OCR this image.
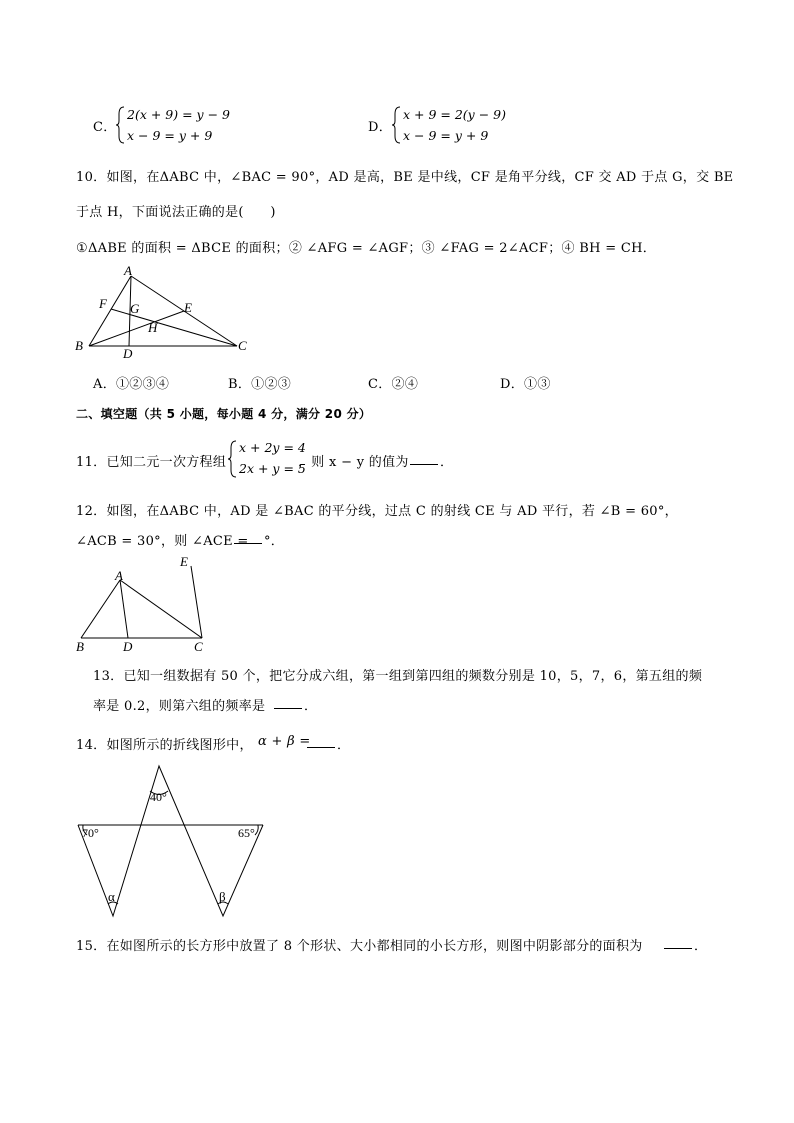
C．
2(x + 9) = y − 9
x − 9 = y + 9
D．
x + 9 = 2(y − 9)
x − 9 = y + 9
10．如图，在ΔABC 中，∠BAC = 90°，AD 是高，BE 是中线，CF 是角平分线，CF 交 AD 于点 G，交 BE
于点 H，下面说法正确的是(　　)
①ΔABE 的面积 = ΔBCE 的面积；② ∠AFG = ∠AGF；③ ∠FAG = 2∠ACF；④ BH = CH．
A
B	C
D
E
F G
H
A．①②③④	B．①②③	C．②④	D．①③
二、填空题（共 5 小题，每小题 4 分，满分 20 分）
11．已知二元一次方程组
x + 2y = 4
2x + y = 5
，则 x − y 的值为 ．
12．如图，在ΔABC 中，AD 是 ∠BAC 的平分线，过点 C 的射线 CE 与 AD 平行，若 ∠B = 60°，
∠ACB = 30°，则 ∠ACE = °．
A
B	C
D
E
13．已知一组数据有 50 个，把它分成六组，第一组到第四组的频数分别是 10，5，7，6，第五组的频
率是 0.2，则第六组的频率是	．
14．如图所示的折线图形中， α + β = ．
40°
70°	65°
α	β
15．在如图所示的长方形中放置了 8 个形状、大小都相同的小长方形，则图中阴影部分的面积为	．
